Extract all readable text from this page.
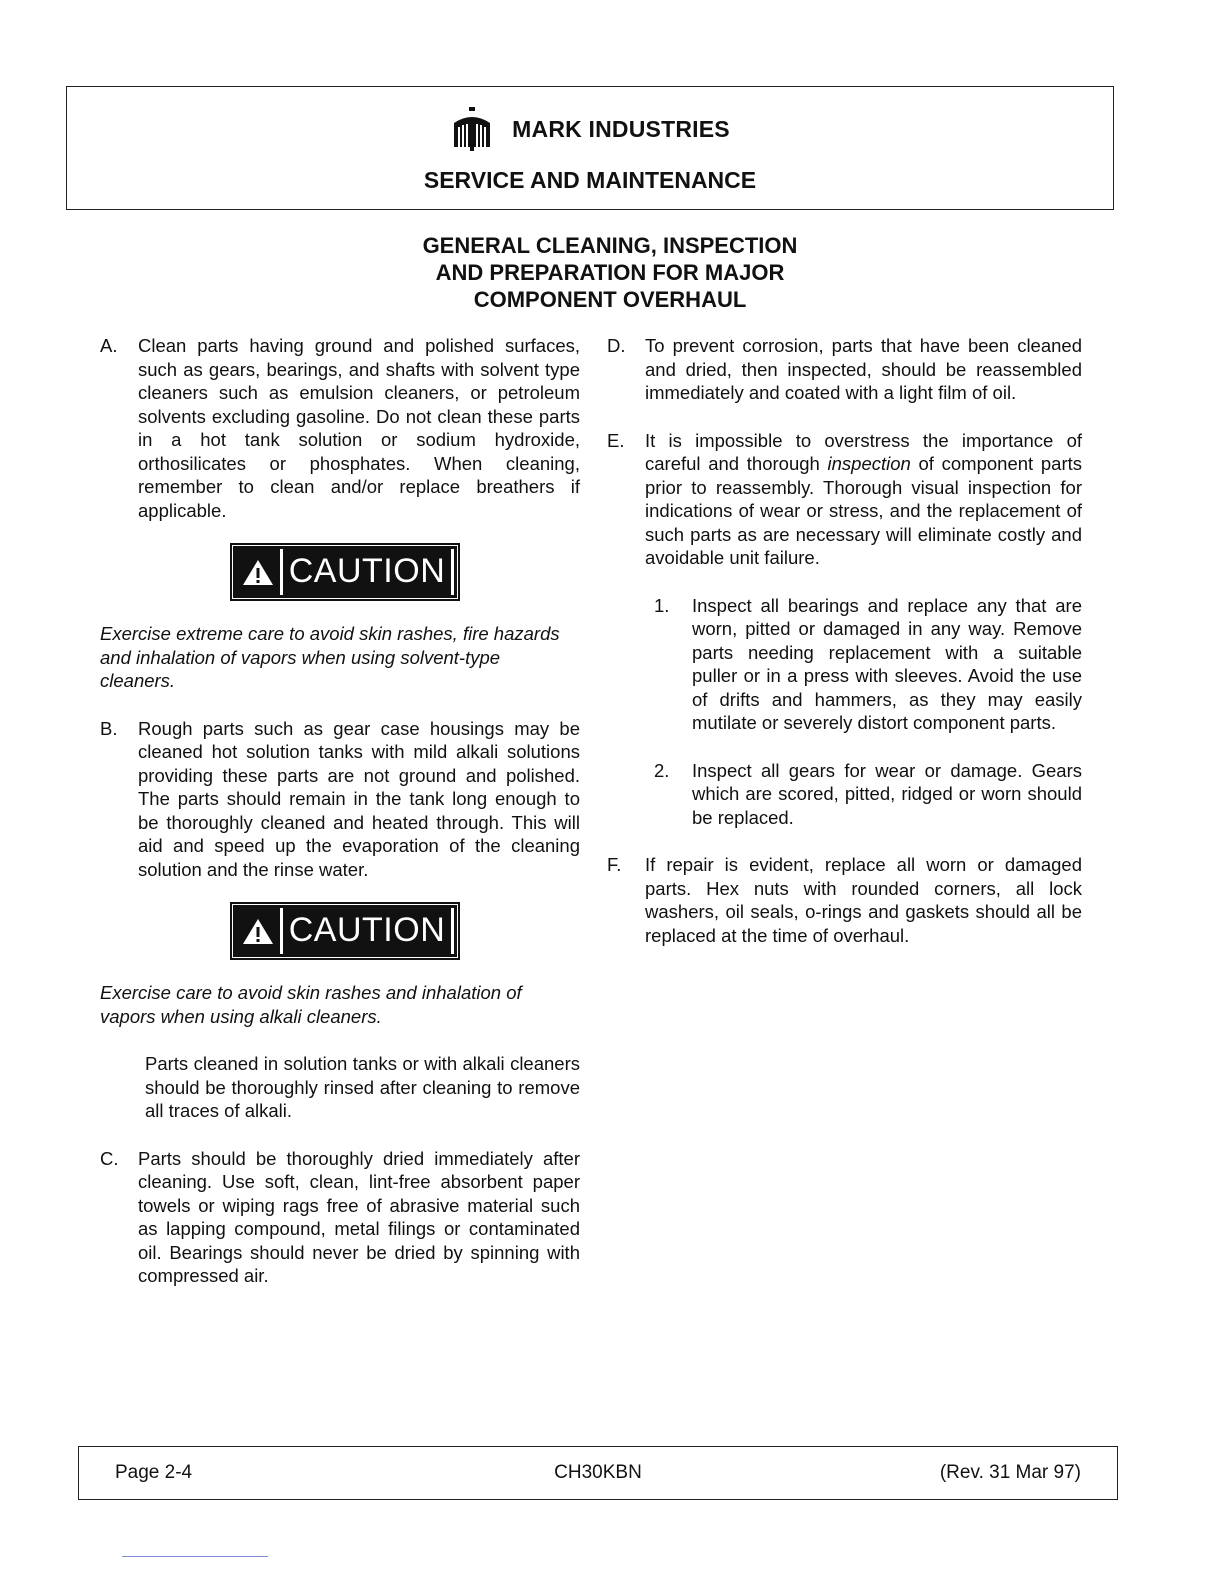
MARK INDUSTRIES
SERVICE AND MAINTENANCE
GENERAL CLEANING, INSPECTION
AND PREPARATION FOR MAJOR
COMPONENT OVERHAUL
A.	Clean parts having ground and polished surfaces, such as gears, bearings, and shafts with solvent type cleaners such as emulsion cleaners, or petroleum solvents excluding gasoline. Do not clean these parts in a hot tank solution or sodium hydroxide, orthosilicates or phosphates. When cleaning, remember to clean and/or replace breathers if applicable.
CAUTION
Exercise extreme care to avoid skin rashes, fire hazards and inhalation of vapors when using solvent-type cleaners.
B.	Rough parts such as gear case housings may be cleaned hot solution tanks with mild alkali solutions providing these parts are not ground and polished. The parts should remain in the tank long enough to be thoroughly cleaned and heated through. This will aid and speed up the evaporation of the cleaning solution and the rinse water.
CAUTION
Exercise care to avoid skin rashes and inhalation of vapors when using alkali cleaners.
Parts cleaned in solution tanks or with alkali cleaners should be thoroughly rinsed after cleaning to remove all traces of alkali.
C.	Parts should be thoroughly dried immediately after cleaning. Use soft, clean, lint-free absorbent paper towels or wiping rags free of abrasive material such as lapping compound, metal filings or contaminated oil. Bearings should never be dried by spinning with compressed air.
D.	To prevent corrosion, parts that have been cleaned and dried, then inspected, should be reassembled immediately and coated with a light film of oil.
E.	It is impossible to overstress the importance of careful and thorough inspection of component parts prior to reassembly. Thorough visual inspection for indications of wear or stress, and the replacement of such parts as are necessary will eliminate costly and avoidable unit failure.
1.	Inspect all bearings and replace any that are worn, pitted or damaged in any way. Remove parts needing replacement with a suitable puller or in a press with sleeves. Avoid the use of drifts and hammers, as they may easily mutilate or severely distort component parts.
2.	Inspect all gears for wear or damage. Gears which are scored, pitted, ridged or worn should be replaced.
F.	If repair is evident, replace all worn or damaged parts. Hex nuts with rounded corners, all lock washers, oil seals, o-rings and gaskets should all be replaced at the time of overhaul.
Page 2-4	CH30KBN	(Rev. 31 Mar 97)
